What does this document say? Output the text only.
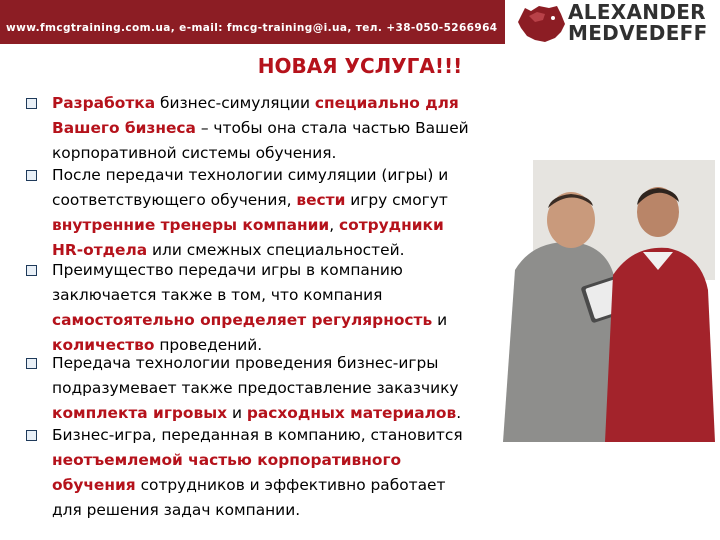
www.fmcgtraining.com.ua, e-mail: fmcg-training@i.ua, тел. +38-050-5266964
ALEXANDER
MEDVEDEFF
НОВАЯ УСЛУГА!!!
Разработка бизнес-симуляции специально для
Вашего бизнеса – чтобы она стала частью Вашей
корпоративной системы обучения.
После передачи технологии симуляции (игры) и
соответствующего обучения, вести игру смогут
внутренние тренеры компании, сотрудники
HR-отдела или смежных специальностей.
Преимущество передачи игры в компанию
заключается также в том, что компания
самостоятельно определяет регулярность и
количество проведений.
Передача технологии проведения бизнес-игры
подразумевает также предоставление заказчику
комплекта игровых и расходных материалов.
Бизнес-игра, переданная в компанию, становится
неотъемлемой частью корпоративного
обучения сотрудников и эффективно работает
для решения задач компании.
